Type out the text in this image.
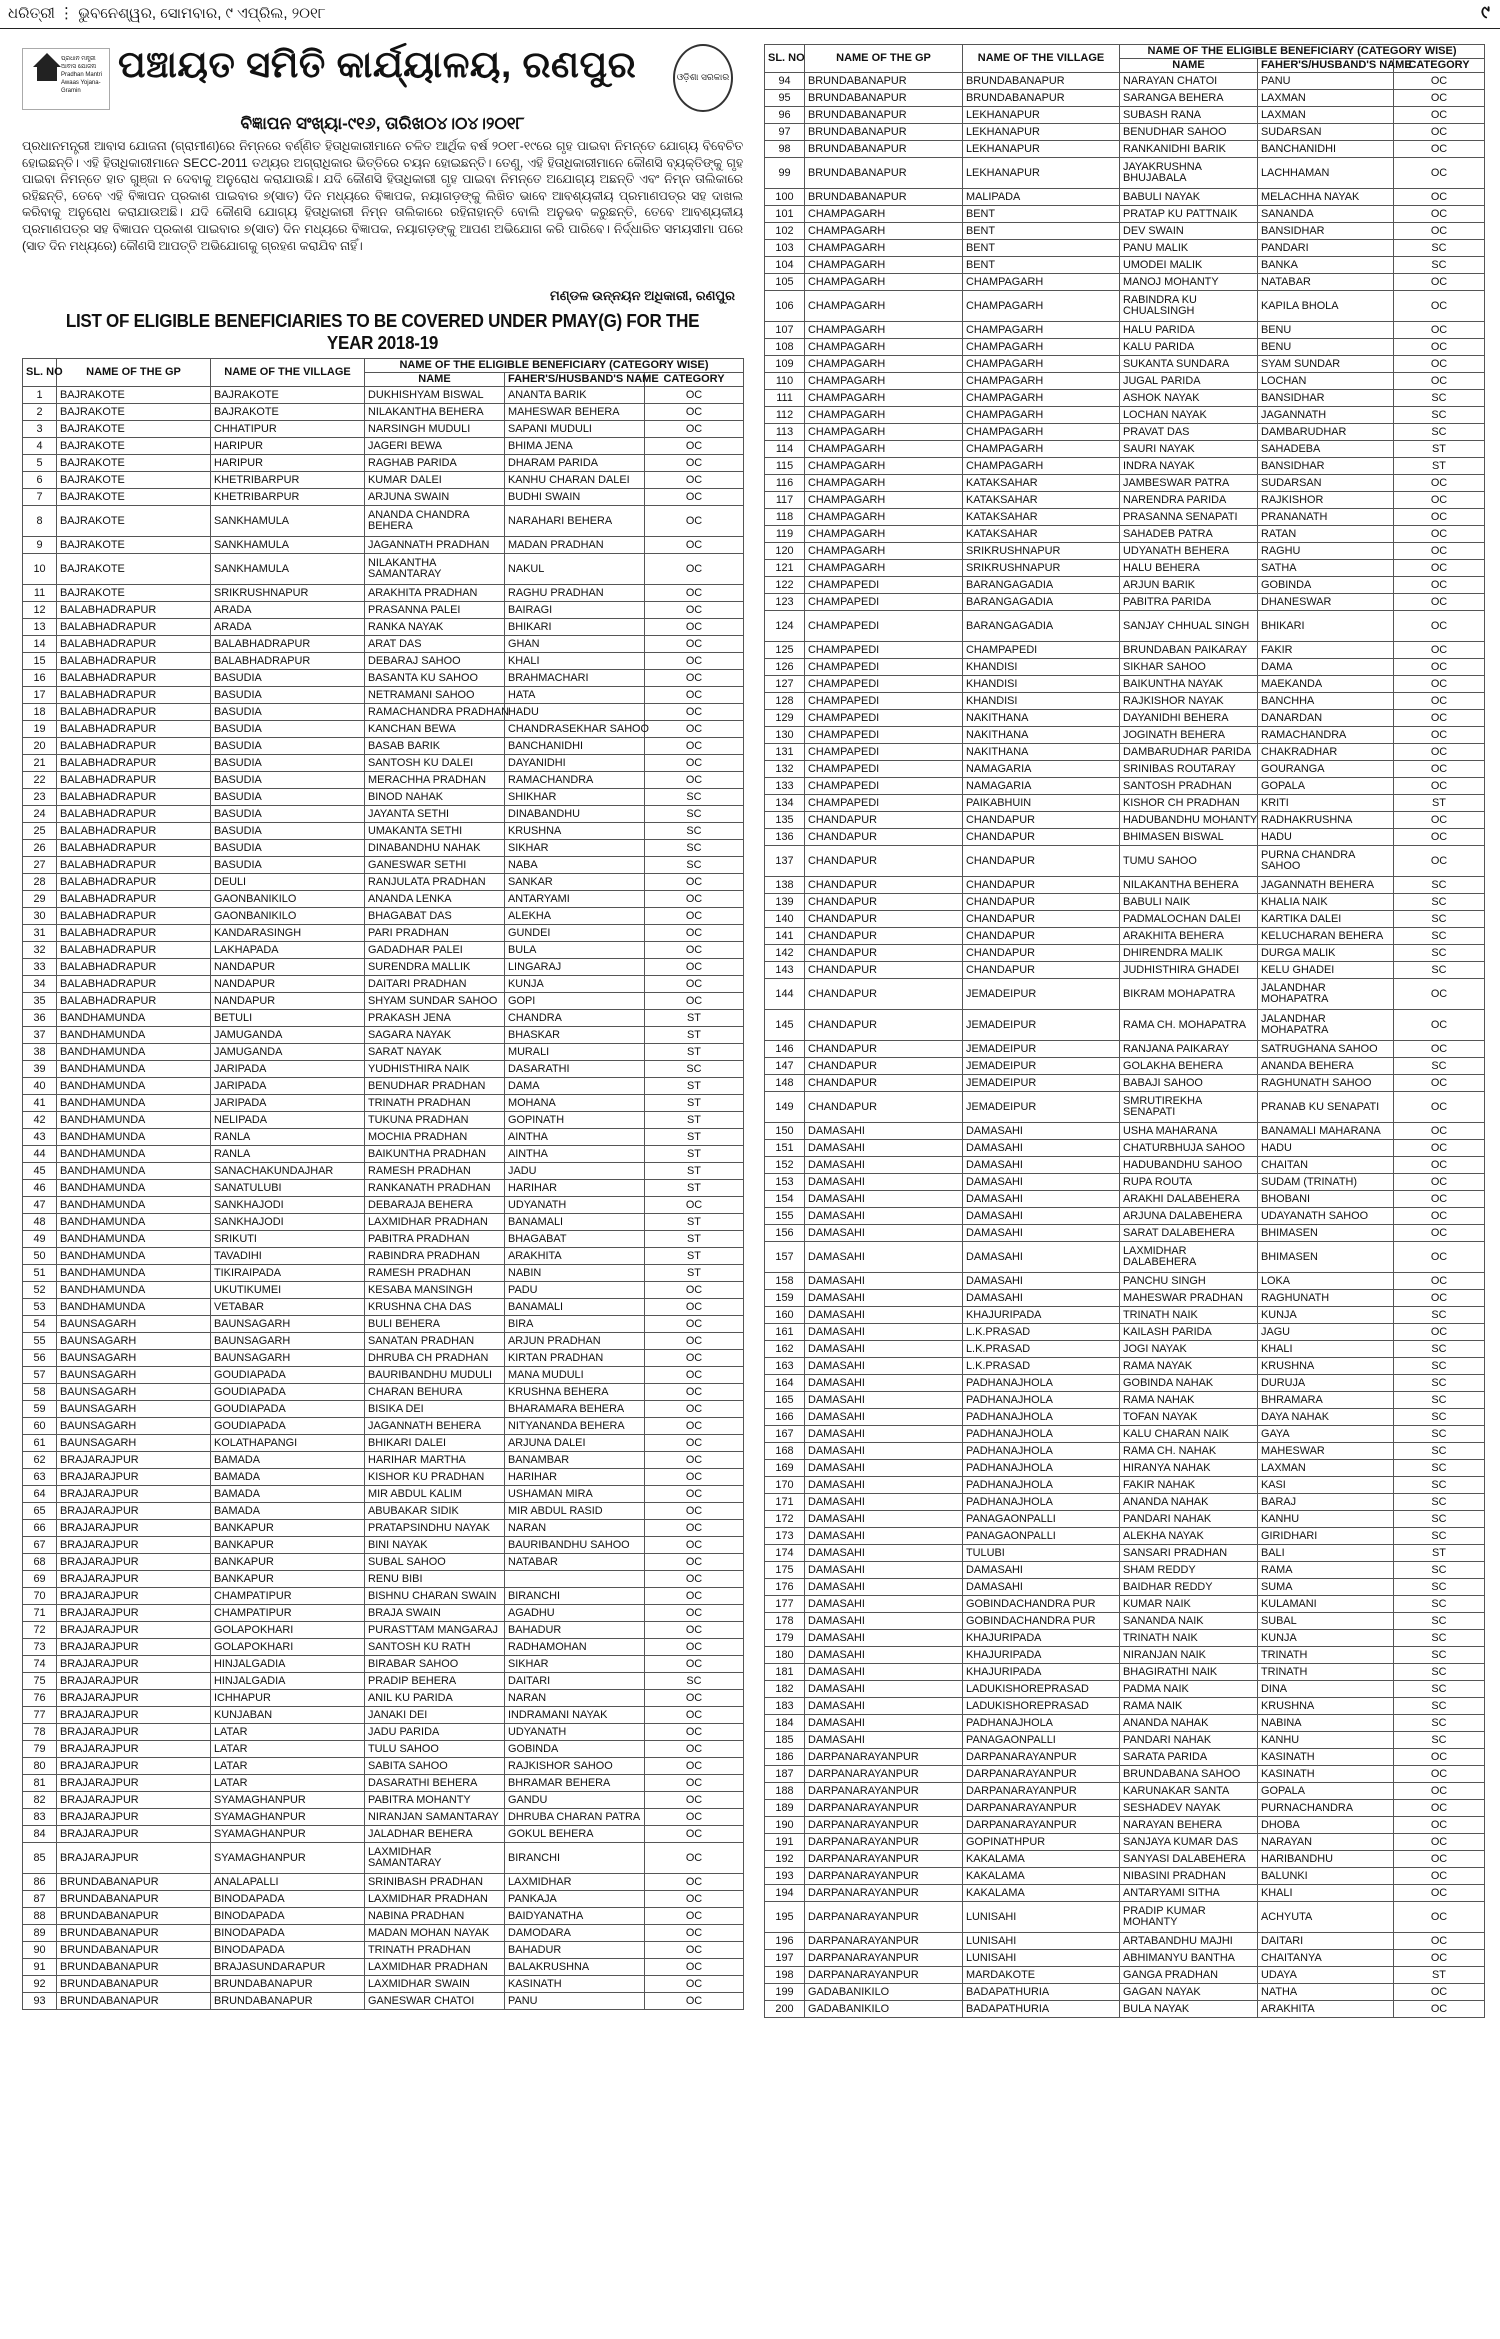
ଧରିତ୍ରୀ ⋮ ଭୁବନେଶ୍ୱର, ସୋମବାର, ୯ ଏପ୍ରିଲ, ୨୦୧୮	୯
ପ୍ରଧାନ ମନ୍ତ୍ରୀ ଆବାସ ଯୋଜନା Pradhan Mantri Awaas Yojana-Gramin
ପଞ୍ଚାୟତ ସମିତି କାର୍ଯ୍ୟାଳୟ, ରଣପୁର	ଓଡ଼ିଶା ସରକାର
ବିଜ୍ଞାପନ ସଂଖ୍ୟା-୯୧୬, ତାରିଖ୦୪।୦୪।୨୦୧୮
ପ୍ରଧାନମନ୍ତ୍ରୀ ଆବାସ ଯୋଜନା (ଗ୍ରାମୀଣ)ରେ ନିମ୍ନରେ ବର୍ଣ୍ଣିତ ହିତାଧିକାରୀମାନେ ଚଳିତ ଆର୍ଥିକ ବର୍ଷ ୨୦୧୮-୧୯ରେ ଗୃହ ପାଇବା ନିମନ୍ତେ ଯୋଗ୍ୟ ବିବେଚିତ ହୋଇଛନ୍ତି। ଏହି ହିତାଧିକାରୀମାନେ SECC-2011 ତଥ୍ୟର ଅଗ୍ରାଧିକାର ଭିତ୍ତିରେ ଚୟନ ହୋଇଛନ୍ତି। ତେଣୁ, ଏହି ହିତାଧିକାରୀମାନେ କୌଣସି ବ୍ୟକ୍ତିଙ୍କୁ ଗୃହ ପାଇବା ନିମନ୍ତେ ହାତ ଗୁଞ୍ଜା ନ ଦେବାକୁ ଅନୁରୋଧ କରାଯାଉଛି। ଯଦି କୌଣସି ହିତାଧିକାରୀ ଗୃହ ପାଇବା ନିମନ୍ତେ ଅଯୋଗ୍ୟ ଅଛନ୍ତି ଏବଂ ନିମ୍ନ ତାଲିକାରେ ରହିଛନ୍ତି, ତେବେ ଏହି ବିଜ୍ଞାପନ ପ୍ରକାଶ ପାଇବାର ୭(ସାତ) ଦିନ ମଧ୍ୟରେ ବିଜ୍ଞାପକ, ନୟାଗଡ଼ଙ୍କୁ ଲିଖିତ ଭାବେ ଆବଶ୍ୟକୀୟ ପ୍ରମାଣପତ୍ର ସହ ଦାଖଲ କରିବାକୁ ଅନୁରୋଧ କରାଯାଉଅଛି। ଯଦି କୌଣସି ଯୋଗ୍ୟ ହିତାଧିକାରୀ ନିମ୍ନ ତାଲିକାରେ ରହିନାହାନ୍ତି ବୋଲି ଅନୁଭବ କରୁଛନ୍ତି, ତେବେ ଆବଶ୍ୟକୀୟ ପ୍ରମାଣପତ୍ର ସହ ବିଜ୍ଞାପନ ପ୍ରକାଶ ପାଇବାର ୭(ସାତ) ଦିନ ମଧ୍ୟରେ ବିଜ୍ଞାପକ, ନୟାଗଡ଼ଙ୍କୁ ଆପଣ ଅଭିଯୋଗ କରି ପାରିବେ। ନିର୍ଦ୍ଧାରିତ ସମୟସୀମା ପରେ (ସାତ ଦିନ ମଧ୍ୟରେ) କୌଣସି ଆପତ୍ତି ଅଭିଯୋଗକୁ ଗ୍ରହଣ କରାଯିବ ନାହିଁ।
ମଣ୍ଡଳ ଉନ୍ନୟନ ଅଧିକାରୀ, ରଣପୁର
LIST OF ELIGIBLE BENEFICIARIES TO BE COVERED UNDER PMAY(G) FOR THE YEAR 2018-19
SL. NO	NAME OF THE GP	NAME OF THE VILLAGE	NAME OF THE ELIGIBLE BENEFICIARY (CATEGORY WISE)		
			NAME	FAHER'S/HUSBAND'S NAME	CATEGORY
1	BAJRAKOTE	BAJRAKOTE	DUKHISHYAM BISWAL	ANANTA BARIK	OC
2	BAJRAKOTE	BAJRAKOTE	NILAKANTHA BEHERA	MAHESWAR BEHERA	OC
3	BAJRAKOTE	CHHATIPUR	NARSINGH MUDULI	SAPANI MUDULI	OC
4	BAJRAKOTE	HARIPUR	JAGERI BEWA	BHIMA JENA	OC
5	BAJRAKOTE	HARIPUR	RAGHAB PARIDA	DHARAM PARIDA	OC
6	BAJRAKOTE	KHETRIBARPUR	KUMAR DALEI	KANHU CHARAN DALEI	OC
7	BAJRAKOTE	KHETRIBARPUR	ARJUNA SWAIN	BUDHI SWAIN	OC
8	BAJRAKOTE	SANKHAMULA	ANANDA CHANDRA BEHERA	NARAHARI BEHERA	OC
9	BAJRAKOTE	SANKHAMULA	JAGANNATH PRADHAN	MADAN PRADHAN	OC
10	BAJRAKOTE	SANKHAMULA	NILAKANTHA SAMANTARAY	NAKUL	OC
11	BAJRAKOTE	SRIKRUSHNAPUR	ARAKHITA PRADHAN	RAGHU PRADHAN	OC
12	BALABHADRAPUR	ARADA	PRASANNA PALEI	BAIRAGI	OC
13	BALABHADRAPUR	ARADA	RANKA NAYAK	BHIKARI	OC
14	BALABHADRAPUR	BALABHADRAPUR	ARAT DAS	GHAN	OC
15	BALABHADRAPUR	BALABHADRAPUR	DEBARAJ SAHOO	KHALI	OC
16	BALABHADRAPUR	BASUDIA	BASANTA KU SAHOO	BRAHMACHARI	OC
17	BALABHADRAPUR	BASUDIA	NETRAMANI SAHOO	HATA	OC
18	BALABHADRAPUR	BASUDIA	RAMACHANDRA PRADHAN	HADU	OC
19	BALABHADRAPUR	BASUDIA	KANCHAN BEWA	CHANDRASEKHAR SAHOO	OC
20	BALABHADRAPUR	BASUDIA	BASAB BARIK	BANCHANIDHI	OC
21	BALABHADRAPUR	BASUDIA	SANTOSH KU DALEI	DAYANIDHI	OC
22	BALABHADRAPUR	BASUDIA	MERACHHA PRADHAN	RAMACHANDRA	OC
23	BALABHADRAPUR	BASUDIA	BINOD NAHAK	SHIKHAR	SC
24	BALABHADRAPUR	BASUDIA	JAYANTA SETHI	DINABANDHU	SC
25	BALABHADRAPUR	BASUDIA	UMAKANTA SETHI	KRUSHNA	SC
26	BALABHADRAPUR	BASUDIA	DINABANDHU NAHAK	SIKHAR	SC
27	BALABHADRAPUR	BASUDIA	GANESWAR SETHI	NABA	SC
28	BALABHADRAPUR	DEULI	RANJULATA PRADHAN	SANKAR	OC
29	BALABHADRAPUR	GAONBANIKILO	ANANDA LENKA	ANTARYAMI	OC
30	BALABHADRAPUR	GAONBANIKILO	BHAGABAT DAS	ALEKHA	OC
31	BALABHADRAPUR	KANDARASINGH	PARI PRADHAN	GUNDEI	OC
32	BALABHADRAPUR	LAKHAPADA	GADADHAR PALEI	BULA	OC
33	BALABHADRAPUR	NANDAPUR	SURENDRA MALLIK	LINGARAJ	OC
34	BALABHADRAPUR	NANDAPUR	DAITARI PRADHAN	KUNJA	OC
35	BALABHADRAPUR	NANDAPUR	SHYAM SUNDAR SAHOO	GOPI	OC
36	BANDHAMUNDA	BETULI	PRAKASH JENA	CHANDRA	ST
37	BANDHAMUNDA	JAMUGANDA	SAGARA NAYAK	BHASKAR	ST
38	BANDHAMUNDA	JAMUGANDA	SARAT NAYAK	MURALI	ST
39	BANDHAMUNDA	JARIPADA	YUDHISTHIRA NAIK	DASARATHI	SC
40	BANDHAMUNDA	JARIPADA	BENUDHAR PRADHAN	DAMA	ST
41	BANDHAMUNDA	JARIPADA	TRINATH PRADHAN	MOHANA	ST
42	BANDHAMUNDA	NELIPADA	TUKUNA PRADHAN	GOPINATH	ST
43	BANDHAMUNDA	RANLA	MOCHIA PRADHAN	AINTHA	ST
44	BANDHAMUNDA	RANLA	BAIKUNTHA PRADHAN	AINTHA	ST
45	BANDHAMUNDA	SANACHAKUNDAJHAR	RAMESH PRADHAN	JADU	ST
46	BANDHAMUNDA	SANATULUBI	RANKANATH PRADHAN	HARIHAR	ST
47	BANDHAMUNDA	SANKHAJODI	DEBARAJA BEHERA	UDYANATH	OC
48	BANDHAMUNDA	SANKHAJODI	LAXMIDHAR PRADHAN	BANAMALI	ST
49	BANDHAMUNDA	SRIKUTI	PABITRA PRADHAN	BHAGABAT	ST
50	BANDHAMUNDA	TAVADIHI	RABINDRA PRADHAN	ARAKHITA	ST
51	BANDHAMUNDA	TIKIRAIPADA	RAMESH PRADHAN	NABIN	ST
52	BANDHAMUNDA	UKUTIKUMEI	KESABA MANSINGH	PADU	OC
53	BANDHAMUNDA	VETABAR	KRUSHNA CHA DAS	BANAMALI	OC
54	BAUNSAGARH	BAUNSAGARH	BULI BEHERA	BIRA	OC
55	BAUNSAGARH	BAUNSAGARH	SANATAN PRADHAN	ARJUN PRADHAN	OC
56	BAUNSAGARH	BAUNSAGARH	DHRUBA CH PRADHAN	KIRTAN PRADHAN	OC
57	BAUNSAGARH	GOUDIAPADA	BAURIBANDHU MUDULI	MANA MUDULI	OC
58	BAUNSAGARH	GOUDIAPADA	CHARAN BEHURA	KRUSHNA BEHERA	OC
59	BAUNSAGARH	GOUDIAPADA	BISIKA DEI	BHARAMARA BEHERA	OC
60	BAUNSAGARH	GOUDIAPADA	JAGANNATH BEHERA	NITYANANDA BEHERA	OC
61	BAUNSAGARH	KOLATHAPANGI	BHIKARI DALEI	ARJUNA DALEI	OC
62	BRAJARAJPUR	BAMADA	HARIHAR MARTHA	BANAMBAR	OC
63	BRAJARAJPUR	BAMADA	KISHOR KU PRADHAN	HARIHAR	OC
64	BRAJARAJPUR	BAMADA	MIR ABDUL KALIM	USHAMAN MIRA	OC
65	BRAJARAJPUR	BAMADA	ABUBAKAR SIDIK	MIR ABDUL RASID	OC
66	BRAJARAJPUR	BANKAPUR	PRATAPSINDHU NAYAK	NARAN	OC
67	BRAJARAJPUR	BANKAPUR	BINI NAYAK	BAURIBANDHU SAHOO	OC
68	BRAJARAJPUR	BANKAPUR	SUBAL SAHOO	NATABAR	OC
69	BRAJARAJPUR	BANKAPUR	RENU BIBI		OC
70	BRAJARAJPUR	CHAMPATIPUR	BISHNU CHARAN SWAIN	BIRANCHI	OC
71	BRAJARAJPUR	CHAMPATIPUR	BRAJA SWAIN	AGADHU	OC
72	BRAJARAJPUR	GOLAPOKHARI	PURASTTAM MANGARAJ	BAHADUR	OC
73	BRAJARAJPUR	GOLAPOKHARI	SANTOSH KU RATH	RADHAMOHAN	OC
74	BRAJARAJPUR	HINJALGADIA	BIRABAR SAHOO	SIKHAR	OC
75	BRAJARAJPUR	HINJALGADIA	PRADIP BEHERA	DAITARI	SC
76	BRAJARAJPUR	ICHHAPUR	ANIL KU PARIDA	NARAN	OC
77	BRAJARAJPUR	KUNJABAN	JANAKI DEI	INDRAMANI NAYAK	OC
78	BRAJARAJPUR	LATAR	JADU PARIDA	UDYANATH	OC
79	BRAJARAJPUR	LATAR	TULU SAHOO	GOBINDA	OC
80	BRAJARAJPUR	LATAR	SABITA SAHOO	RAJKISHOR SAHOO	OC
81	BRAJARAJPUR	LATAR	DASARATHI BEHERA	BHRAMAR BEHERA	OC
82	BRAJARAJPUR	SYAMAGHANPUR	PABITRA MOHANTY	GANDU	OC
83	BRAJARAJPUR	SYAMAGHANPUR	NIRANJAN SAMANTARAY	DHRUBA CHARAN PATRA	OC
84	BRAJARAJPUR	SYAMAGHANPUR	JALADHAR BEHERA	GOKUL BEHERA	OC
85	BRAJARAJPUR	SYAMAGHANPUR	LAXMIDHAR SAMANTARAY	BIRANCHI	OC
86	BRUNDABANAPUR	ANALAPALLI	SRINIBASH PRADHAN	LAXMIDHAR	OC
87	BRUNDABANAPUR	BINODAPADA	LAXMIDHAR PRADHAN	PANKAJA	OC
88	BRUNDABANAPUR	BINODAPADA	NABINA PRADHAN	BAIDYANATHA	OC
89	BRUNDABANAPUR	BINODAPADA	MADAN MOHAN NAYAK	DAMODARA	OC
90	BRUNDABANAPUR	BINODAPADA	TRINATH PRADHAN	BAHADUR	OC
91	BRUNDABANAPUR	BRAJASUNDARAPUR	LAXMIDHAR PRADHAN	BALAKRUSHNA	OC
92	BRUNDABANAPUR	BRUNDABANAPUR	LAXMIDHAR SWAIN	KASINATH	OC
93	BRUNDABANAPUR	BRUNDABANAPUR	GANESWAR CHATOI	PANU	OC
SL. NO	NAME OF THE GP	NAME OF THE VILLAGE	NAME OF THE ELIGIBLE BENEFICIARY (CATEGORY WISE)		
			NAME	FAHER'S/HUSBAND'S NAME	CATEGORY
94	BRUNDABANAPUR	BRUNDABANAPUR	NARAYAN CHATOI	PANU	OC
95	BRUNDABANAPUR	BRUNDABANAPUR	SARANGA BEHERA	LAXMAN	OC
96	BRUNDABANAPUR	LEKHANAPUR	SUBASH RANA	LAXMAN	OC
97	BRUNDABANAPUR	LEKHANAPUR	BENUDHAR SAHOO	SUDARSAN	OC
98	BRUNDABANAPUR	LEKHANAPUR	RANKANIDHI BARIK	BANCHANIDHI	OC
99	BRUNDABANAPUR	LEKHANAPUR	JAYAKRUSHNA BHUJABALA	LACHHAMAN	OC
100	BRUNDABANAPUR	MALIPADA	BABULI NAYAK	MELACHHA NAYAK	OC
101	CHAMPAGARH	BENT	PRATAP KU PATTNAIK	SANANDA	OC
102	CHAMPAGARH	BENT	DEV SWAIN	BANSIDHAR	OC
103	CHAMPAGARH	BENT	PANU MALIK	PANDARI	SC
104	CHAMPAGARH	BENT	UMODEI MALIK	BANKA	SC
105	CHAMPAGARH	CHAMPAGARH	MANOJ MOHANTY	NATABAR	OC
106	CHAMPAGARH	CHAMPAGARH	RABINDRA KU CHUALSINGH	KAPILA BHOLA	OC
107	CHAMPAGARH	CHAMPAGARH	HALU PARIDA	BENU	OC
108	CHAMPAGARH	CHAMPAGARH	KALU PARIDA	BENU	OC
109	CHAMPAGARH	CHAMPAGARH	SUKANTA SUNDARA	SYAM SUNDAR	OC
110	CHAMPAGARH	CHAMPAGARH	JUGAL PARIDA	LOCHAN	OC
111	CHAMPAGARH	CHAMPAGARH	ASHOK NAYAK	BANSIDHAR	SC
112	CHAMPAGARH	CHAMPAGARH	LOCHAN NAYAK	JAGANNATH	SC
113	CHAMPAGARH	CHAMPAGARH	PRAVAT DAS	DAMBARUDHAR	SC
114	CHAMPAGARH	CHAMPAGARH	SAURI NAYAK	SAHADEBA	ST
115	CHAMPAGARH	CHAMPAGARH	INDRA NAYAK	BANSIDHAR	ST
116	CHAMPAGARH	KATAKSAHAR	JAMBESWAR PATRA	SUDARSAN	OC
117	CHAMPAGARH	KATAKSAHAR	NARENDRA PARIDA	RAJKISHOR	OC
118	CHAMPAGARH	KATAKSAHAR	PRASANNA SENAPATI	PRANANATH	OC
119	CHAMPAGARH	KATAKSAHAR	SAHADEB PATRA	RATAN	OC
120	CHAMPAGARH	SRIKRUSHNAPUR	UDYANATH BEHERA	RAGHU	OC
121	CHAMPAGARH	SRIKRUSHNAPUR	HALU BEHERA	SATHA	OC
122	CHAMPAPEDI	BARANGAGADIA	ARJUN BARIK	GOBINDA	OC
123	CHAMPAPEDI	BARANGAGADIA	PABITRA PARIDA	DHANESWAR	OC
124	CHAMPAPEDI	BARANGAGADIA	SANJAY CHHUAL SINGH	BHIKARI	OC
125	CHAMPAPEDI	CHAMPAPEDI	BRUNDABAN PAIKARAY	FAKIR	OC
126	CHAMPAPEDI	KHANDISI	SIKHAR SAHOO	DAMA	OC
127	CHAMPAPEDI	KHANDISI	BAIKUNTHA NAYAK	MAEKANDA	OC
128	CHAMPAPEDI	KHANDISI	RAJKISHOR NAYAK	BANCHHA	OC
129	CHAMPAPEDI	NAKITHANA	DAYANIDHI BEHERA	DANARDAN	OC
130	CHAMPAPEDI	NAKITHANA	JOGINATH BEHERA	RAMACHANDRA	OC
131	CHAMPAPEDI	NAKITHANA	DAMBARUDHAR PARIDA	CHAKRADHAR	OC
132	CHAMPAPEDI	NAMAGARIA	SRINIBAS ROUTARAY	GOURANGA	OC
133	CHAMPAPEDI	NAMAGARIA	SANTOSH PRADHAN	GOPALA	OC
134	CHAMPAPEDI	PAIKABHUIN	KISHOR CH PRADHAN	KRITI	ST
135	CHANDAPUR	CHANDAPUR	HADUBANDHU MOHANTY	RADHAKRUSHNA	OC
136	CHANDAPUR	CHANDAPUR	BHIMASEN BISWAL	HADU	OC
137	CHANDAPUR	CHANDAPUR	TUMU SAHOO	PURNA CHANDRA SAHOO	OC
138	CHANDAPUR	CHANDAPUR	NILAKANTHA BEHERA	JAGANNATH BEHERA	SC
139	CHANDAPUR	CHANDAPUR	BABULI NAIK	KHALIA NAIK	SC
140	CHANDAPUR	CHANDAPUR	PADMALOCHAN DALEI	KARTIKA DALEI	SC
141	CHANDAPUR	CHANDAPUR	ARAKHITA BEHERA	KELUCHARAN BEHERA	SC
142	CHANDAPUR	CHANDAPUR	DHIRENDRA MALIK	DURGA MALIK	SC
143	CHANDAPUR	CHANDAPUR	JUDHISTHIRA GHADEI	KELU GHADEI	SC
144	CHANDAPUR	JEMADEIPUR	BIKRAM MOHAPATRA	JALANDHAR MOHAPATRA	OC
145	CHANDAPUR	JEMADEIPUR	RAMA CH. MOHAPATRA	JALANDHAR MOHAPATRA	OC
146	CHANDAPUR	JEMADEIPUR	RANJANA PAIKARAY	SATRUGHANA SAHOO	OC
147	CHANDAPUR	JEMADEIPUR	GOLAKHA BEHERA	ANANDA BEHERA	SC
148	CHANDAPUR	JEMADEIPUR	BABAJI SAHOO	RAGHUNATH SAHOO	OC
149	CHANDAPUR	JEMADEIPUR	SMRUTIREKHA SENAPATI	PRANAB KU SENAPATI	OC
150	DAMASAHI	DAMASAHI	USHA MAHARANA	BANAMALI MAHARANA	OC
151	DAMASAHI	DAMASAHI	CHATURBHUJA SAHOO	HADU	OC
152	DAMASAHI	DAMASAHI	HADUBANDHU SAHOO	CHAITAN	OC
153	DAMASAHI	DAMASAHI	RUPA ROUTA	SUDAM (TRINATH)	OC
154	DAMASAHI	DAMASAHI	ARAKHI DALABEHERA	BHOBANI	OC
155	DAMASAHI	DAMASAHI	ARJUNA DALABEHERA	UDAYANATH SAHOO	OC
156	DAMASAHI	DAMASAHI	SARAT DALABEHERA	BHIMASEN	OC
157	DAMASAHI	DAMASAHI	LAXMIDHAR DALABEHERA	BHIMASEN	OC
158	DAMASAHI	DAMASAHI	PANCHU SINGH	LOKA	OC
159	DAMASAHI	DAMASAHI	MAHESWAR PRADHAN	RAGHUNATH	OC
160	DAMASAHI	KHAJURIPADA	TRINATH NAIK	KUNJA	SC
161	DAMASAHI	L.K.PRASAD	KAILASH PARIDA	JAGU	OC
162	DAMASAHI	L.K.PRASAD	JOGI NAYAK	KHALI	SC
163	DAMASAHI	L.K.PRASAD	RAMA NAYAK	KRUSHNA	SC
164	DAMASAHI	PADHANAJHOLA	GOBINDA NAHAK	DURUJA	SC
165	DAMASAHI	PADHANAJHOLA	RAMA NAHAK	BHRAMARA	SC
166	DAMASAHI	PADHANAJHOLA	TOFAN NAYAK	DAYA NAHAK	SC
167	DAMASAHI	PADHANAJHOLA	KALU CHARAN NAIK	GAYA	SC
168	DAMASAHI	PADHANAJHOLA	RAMA CH. NAHAK	MAHESWAR	SC
169	DAMASAHI	PADHANAJHOLA	HIRANYA NAHAK	LAXMAN	SC
170	DAMASAHI	PADHANAJHOLA	FAKIR NAHAK	KASI	SC
171	DAMASAHI	PADHANAJHOLA	ANANDA NAHAK	BARAJ	SC
172	DAMASAHI	PANAGAONPALLI	PANDARI NAHAK	KANHU	SC
173	DAMASAHI	PANAGAONPALLI	ALEKHA NAYAK	GIRIDHARI	SC
174	DAMASAHI	TULUBI	SANSARI PRADHAN	BALI	ST
175	DAMASAHI	DAMASAHI	SHAM REDDY	RAMA	SC
176	DAMASAHI	DAMASAHI	BAIDHAR REDDY	SUMA	SC
177	DAMASAHI	GOBINDACHANDRA PUR	KUMAR NAIK	KULAMANI	SC
178	DAMASAHI	GOBINDACHANDRA PUR	SANANDA NAIK	SUBAL	SC
179	DAMASAHI	KHAJURIPADA	TRINATH NAIK	KUNJA	SC
180	DAMASAHI	KHAJURIPADA	NIRANJAN NAIK	TRINATH	SC
181	DAMASAHI	KHAJURIPADA	BHAGIRATHI NAIK	TRINATH	SC
182	DAMASAHI	LADUKISHOREPRASAD	PADMA NAIK	DINA	SC
183	DAMASAHI	LADUKISHOREPRASAD	RAMA NAIK	KRUSHNA	SC
184	DAMASAHI	PADHANAJHOLA	ANANDA NAHAK	NABINA	SC
185	DAMASAHI	PANAGAONPALLI	PANDARI NAHAK	KANHU	SC
186	DARPANARAYANPUR	DARPANARAYANPUR	SARATA PARIDA	KASINATH	OC
187	DARPANARAYANPUR	DARPANARAYANPUR	BRUNDABANA SAHOO	KASINATH	OC
188	DARPANARAYANPUR	DARPANARAYANPUR	KARUNAKAR SANTA	GOPALA	OC
189	DARPANARAYANPUR	DARPANARAYANPUR	SESHADEV NAYAK	PURNACHANDRA	OC
190	DARPANARAYANPUR	DARPANARAYANPUR	NARAYAN BEHERA	DHOBA	OC
191	DARPANARAYANPUR	GOPINATHPUR	SANJAYA KUMAR DAS	NARAYAN	OC
192	DARPANARAYANPUR	KAKALAMA	SANYASI DALABEHERA	HARIBANDHU	OC
193	DARPANARAYANPUR	KAKALAMA	NIBASINI PRADHAN	BALUNKI	OC
194	DARPANARAYANPUR	KAKALAMA	ANTARYAMI SITHA	KHALI	OC
195	DARPANARAYANPUR	LUNISAHI	PRADIP KUMAR MOHANTY	ACHYUTA	OC
196	DARPANARAYANPUR	LUNISAHI	ARTABANDHU MAJHI	DAITARI	OC
197	DARPANARAYANPUR	LUNISAHI	ABHIMANYU BANTHA	CHAITANYA	OC
198	DARPANARAYANPUR	MARDAKOTE	GANGA PRADHAN	UDAYA	ST
199	GADABANIKILO	BADAPATHURIA	GAGAN NAYAK	NATHA	OC
200	GADABANIKILO	BADAPATHURIA	BULA NAYAK	ARAKHITA	OC
